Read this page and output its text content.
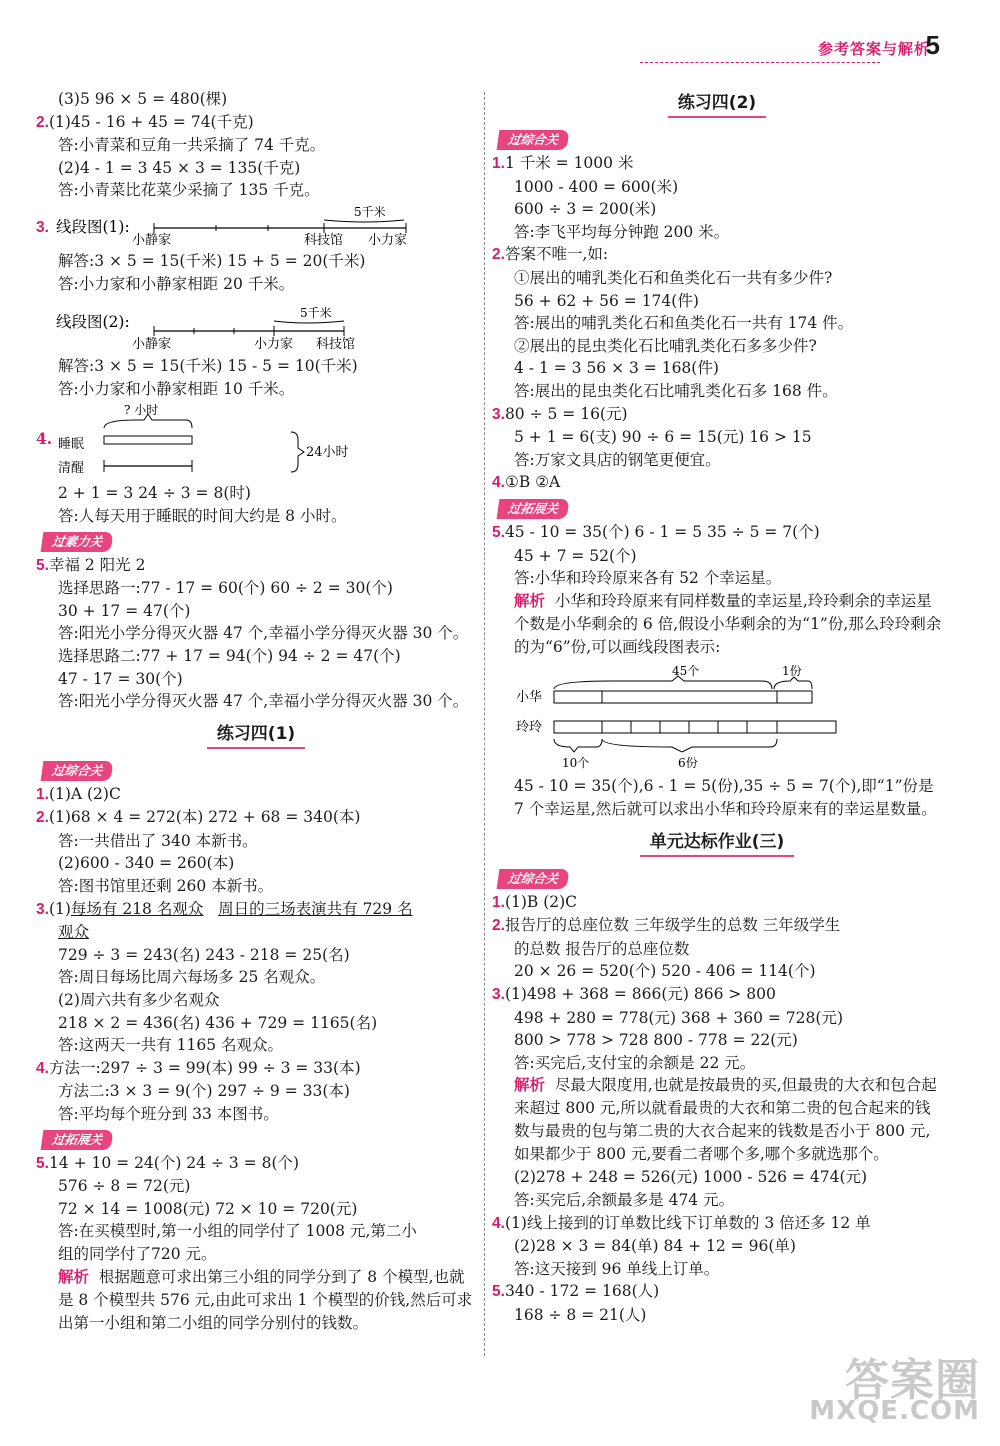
参考答案与解析
5
(3)5 96 × 5 = 480(棵)
2.(1)45 - 16 + 45 = 74(千克)
答:小青菜和豆角一共采摘了 74 千克。
(2)4 - 1 = 3 45 × 3 = 135(千克)
答:小青菜比花菜少采摘了 135 千克。
5千米
3. 线段图(1):
小静家	科技馆 小力家
解答:3 × 5 = 15(千米) 15 + 5 = 20(千米)
答:小力家和小静家相距 20 千米。
5千米
线段图(2):
小静家	小力家 科技馆
解答:3 × 5 = 15(千米) 15 - 5 = 10(千米)
答:小力家和小静家相距 10 千米。
? 小时
4. 睡眠
清醒
24小时
2 + 1 = 3 24 ÷ 3 = 8(时)
答:人每天用于睡眠的时间大约是 8 小时。
过素力关
5.幸福 2 阳光 2
选择思路一:77 - 17 = 60(个) 60 ÷ 2 = 30(个)
30 + 17 = 47(个)
答:阳光小学分得灭火器 47 个,幸福小学分得灭火器 30 个。
选择思路二:77 + 17 = 94(个) 94 ÷ 2 = 47(个)
47 - 17 = 30(个)
答:阳光小学分得灭火器 47 个,幸福小学分得灭火器 30 个。
练习四(1)
过综合关
1.(1)A (2)C
2.(1)68 × 4 = 272(本) 272 + 68 = 340(本)
答:一共借出了 340 本新书。
(2)600 - 340 = 260(本)
答:图书馆里还剩 260 本新书。
3.(1)每场有 218 名观众 周日的三场表演共有 729 名
观众
729 ÷ 3 = 243(名) 243 - 218 = 25(名)
答:周日每场比周六每场多 25 名观众。
(2)周六共有多少名观众
218 × 2 = 436(名) 436 + 729 = 1165(名)
答:这两天一共有 1165 名观众。
4.方法一:297 ÷ 3 = 99(本) 99 ÷ 3 = 33(本)
方法二:3 × 3 = 9(个) 297 ÷ 9 = 33(本)
答:平均每个班分到 33 本图书。
过拓展关
5.14 + 10 = 24(个) 24 ÷ 3 = 8(个)
576 ÷ 8 = 72(元)
72 × 14 = 1008(元) 72 × 10 = 720(元)
答:在买模型时,第一小组的同学付了 1008 元,第二小
组的同学付了720 元。
解析 根据题意可求出第三小组的同学分到了 8 个模型,也就是 8 个模型共 576 元,由此可求出 1 个模型的价钱,然后可求出第一小组和第二小组的同学分别付的钱数。
练习四(2)
过综合关
1.1 千米 = 1000 米
1000 - 400 = 600(米)
600 ÷ 3 = 200(米)
答:李飞平均每分钟跑 200 米。
2.答案不唯一,如:
①展出的哺乳类化石和鱼类化石一共有多少件?
56 + 62 + 56 = 174(件)
答:展出的哺乳类化石和鱼类化石一共有 174 件。
②展出的昆虫类化石比哺乳类化石多多少件?
4 - 1 = 3 56 × 3 = 168(件)
答:展出的昆虫类化石比哺乳类化石多 168 件。
3.80 ÷ 5 = 16(元)
5 + 1 = 6(支) 90 ÷ 6 = 15(元) 16 > 15
答:万家文具店的钢笔更便宜。
4.①B ②A
过拓展关
5.45 - 10 = 35(个) 6 - 1 = 5 35 ÷ 5 = 7(个)
45 + 7 = 52(个)
答:小华和玲玲原来各有 52 个幸运星。
解析 小华和玲玲原来有同样数量的幸运星,玲玲剩余的幸运星个数是小华剩余的 6 倍,假设小华剩余的为“1”份,那么玲玲剩余的为“6”份,可以画线段图表示:
45个	1份
小华
玲玲
10个	6份
45 - 10 = 35(个),6 - 1 = 5(份),35 ÷ 5 = 7(个),即“1”份是 7 个幸运星,然后就可以求出小华和玲玲原来有的幸运星数量。
单元达标作业(三)
过综合关
1.(1)B (2)C
2.报告厅的总座位数 三年级学生的总数 三年级学生
的总数 报告厅的总座位数
20 × 26 = 520(个) 520 - 406 = 114(个)
3.(1)498 + 368 = 866(元) 866 > 800
498 + 280 = 778(元) 368 + 360 = 728(元)
800 > 778 > 728 800 - 778 = 22(元)
答:买完后,支付宝的余额是 22 元。
解析 尽最大限度用,也就是按最贵的买,但最贵的大衣和包合起来超过 800 元,所以就看最贵的大衣和第二贵的包合起来的钱数与最贵的包与第二贵的大衣合起来的钱数是否小于 800 元,如果都少于 800 元,要看二者哪个多,哪个多就选那个。
(2)278 + 248 = 526(元) 1000 - 526 = 474(元)
答:买完后,余额最多是 474 元。
4.(1)线上接到的订单数比线下订单数的 3 倍还多 12 单
(2)28 × 3 = 84(单) 84 + 12 = 96(单)
答:这天接到 96 单线上订单。
5.340 - 172 = 168(人)
168 ÷ 8 = 21(人)
答案圈
MXQE.COM
